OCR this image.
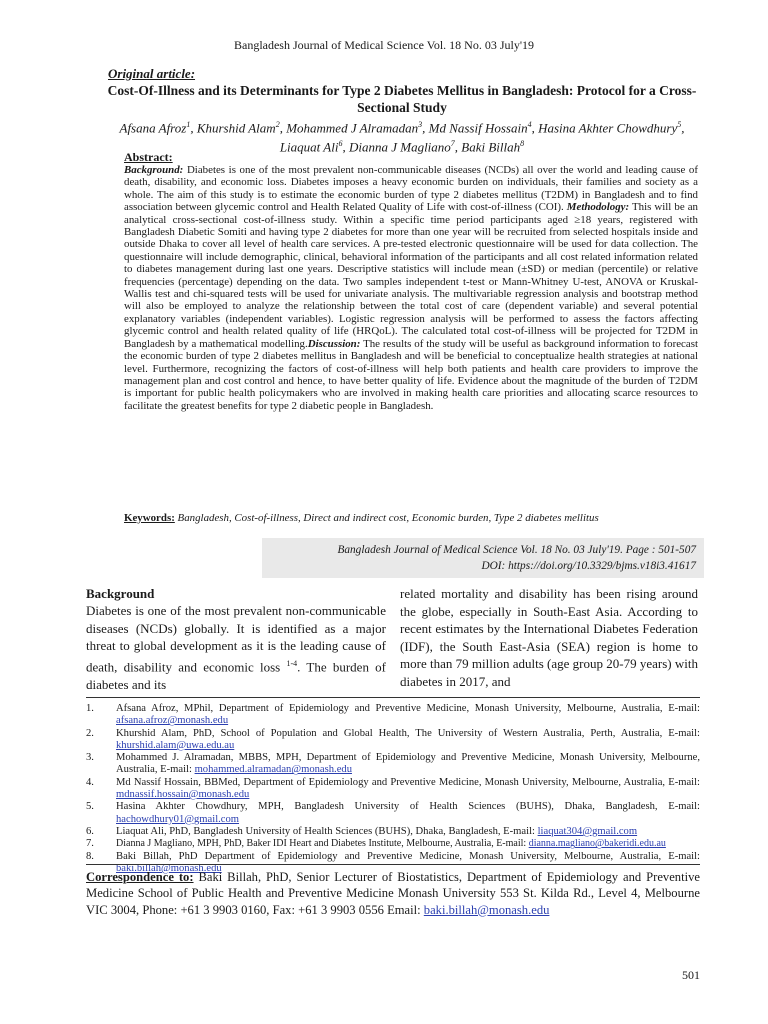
Bangladesh Journal of Medical Science Vol. 18 No. 03 July'19
Original article:
Cost-Of-Illness and its Determinants for Type 2 Diabetes Mellitus in Bangladesh: Protocol for a Cross-Sectional Study
Afsana Afroz$^1$, Khurshid Alam$^2$, Mohammed J Alramadan$^3$, Md Nassif Hossain$^4$, Hasina Akhter Chowdhury$^5$, Liaquat Ali$^6$, Dianna J Magliano$^7$, Baki Billah$^8$
Abstract:
Background: Diabetes is one of the most prevalent non-communicable diseases (NCDs) all over the world and leading cause of death, disability, and economic loss. Diabetes imposes a heavy economic burden on individuals, their families and society as a whole. The aim of this study is to estimate the economic burden of type 2 diabetes mellitus (T2DM) in Bangladesh and to find association between glycemic control and Health Related Quality of Life with cost-of-illness (COI). Methodology: This will be an analytical cross-sectional cost-of-illness study. Within a specific time period participants aged ≥18 years, registered with Bangladesh Diabetic Somiti and having type 2 diabetes for more than one year will be recruited from selected hospitals inside and outside Dhaka to cover all level of health care services. A pre-tested electronic questionnaire will be used for data collection. The questionnaire will include demographic, clinical, behavioral information of the participants and all cost related information related to diabetes management during last one years. Descriptive statistics will include mean (±SD) or median (percentile) or relative frequencies (percentage) depending on the data. Two samples independent t-test or Mann-Whitney U-test, ANOVA or Kruskal-Wallis test and chi-squared tests will be used for univariate analysis. The multivariable regression analysis and bootstrap method will also be employed to analyze the relationship between the total cost of care (dependent variable) and several potential explanatory variables (independent variables). Logistic regression analysis will be performed to assess the factors affecting glycemic control and health related quality of life (HRQoL). The calculated total cost-of-illness will be projected for T2DM in Bangladesh by a mathematical modelling.Discussion: The results of the study will be useful as background information to forecast the economic burden of type 2 diabetes mellitus in Bangladesh and will be beneficial to conceptualize health strategies at national level. Furthermore, recognizing the factors of cost-of-illness will help both patients and health care providers to improve the management plan and cost control and hence, to have better quality of life. Evidence about the magnitude of the burden of T2DM is important for public health policymakers who are involved in making health care priorities and allocating scarce resources to facilitate the greatest benefits for type 2 diabetic people in Bangladesh.
Keywords: Bangladesh, Cost-of-illness, Direct and indirect cost, Economic burden, Type 2 diabetes mellitus
Bangladesh Journal of Medical Science Vol. 18 No. 03 July'19. Page : 501-507
DOI: https://doi.org/10.3329/bjms.v18i3.41617
Background
Diabetes is one of the most prevalent non-communicable diseases (NCDs) globally. It is identified as a major threat to global development as it is the leading cause of death, disability and economic loss $^{1-4}$. The burden of diabetes and its
related mortality and disability has been rising around the globe, especially in South-East Asia. According to recent estimates by the International Diabetes Federation (IDF), the South East-Asia (SEA) region is home to more than 79 million adults (age group 20-79 years) with diabetes in 2017, and
1.	Afsana Afroz, MPhil, Department of Epidemiology and Preventive Medicine, Monash University, Melbourne, Australia, E-mail: afsana.afroz@monash.edu
2.	Khurshid Alam, PhD, School of Population and Global Health, The University of Western Australia, Perth, Australia, E-mail: khurshid.alam@uwa.edu.au
3.	Mohammed J. Alramadan, MBBS, MPH, Department of Epidemiology and Preventive Medicine, Monash University, Melbourne, Australia, E-mail: mohammed.alramadan@monash.edu
4.	Md Nassif Hossain, BBMed, Department of Epidemiology and Preventive Medicine, Monash University, Melbourne, Australia, E-mail: mdnassif.hossain@monash.edu
5.	Hasina Akhter Chowdhury, MPH, Bangladesh University of Health Sciences (BUHS), Dhaka, Bangladesh, E-mail: hachowdhury01@gmail.com
6.	Liaquat Ali, PhD, Bangladesh University of Health Sciences (BUHS), Dhaka, Bangladesh, E-mail: liaquat304@gmail.com
7.	Dianna J Magliano, MPH, PhD, Baker IDI Heart and Diabetes Institute, Melbourne, Australia, E-mail: dianna.magliano@bakeridi.edu.au
8.	Baki Billah, PhD Department of Epidemiology and Preventive Medicine, Monash University, Melbourne, Australia, E-mail: baki.billah@monash.edu
Correspondence to: Baki Billah, PhD, Senior Lecturer of Biostatistics, Department of Epidemiology and Preventive Medicine School of Public Health and Preventive Medicine Monash University 553 St. Kilda Rd., Level 4, Melbourne VIC 3004, Phone: +61 3 9903 0160, Fax: +61 3 9903 0556 Email: baki.billah@monash.edu
501
